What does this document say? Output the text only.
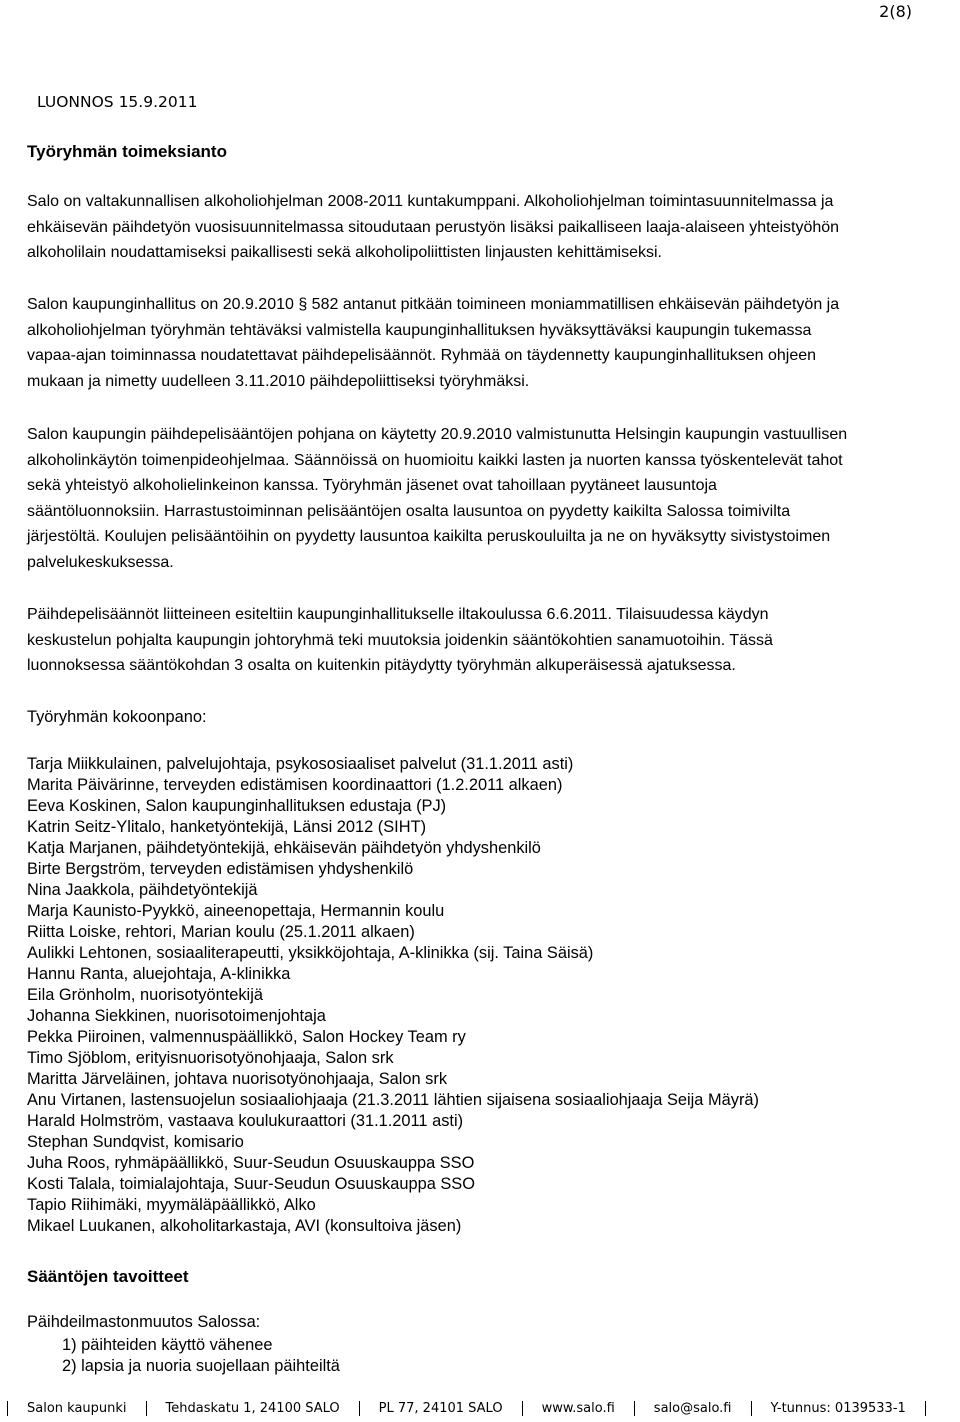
2(8)
LUONNOS 15.9.2011
Työryhmän toimeksianto
Salo on valtakunnallisen alkoholiohjelman 2008-2011 kuntakumppani. Alkoholiohjelman toimintasuunnitelmassa ja
ehkäisevän päihdetyön vuosisuunnitelmassa sitoudutaan perustyön lisäksi paikalliseen laaja-alaiseen yhteistyöhön
alkoholilain noudattamiseksi paikallisesti sekä alkoholipoliittisten linjausten kehittämiseksi.
Salon kaupunginhallitus on 20.9.2010 § 582 antanut pitkään toimineen moniammatillisen ehkäisevän päihdetyön ja
alkoholiohjelman työryhmän tehtäväksi valmistella kaupunginhallituksen hyväksyttäväksi kaupungin tukemassa
vapaa-ajan toiminnassa noudatettavat päihdepelisäännöt. Ryhmää on täydennetty kaupunginhallituksen ohjeen
mukaan ja nimetty uudelleen 3.11.2010 päihdepoliittiseksi työryhmäksi.
Salon kaupungin päihdepelisääntöjen pohjana on käytetty 20.9.2010 valmistunutta Helsingin kaupungin vastuullisen
alkoholinkäytön toimenpideohjelmaa. Säännöissä on huomioitu kaikki lasten ja nuorten kanssa työskentelevät tahot
sekä yhteistyö alkoholielinkeinon kanssa. Työryhmän jäsenet ovat tahoillaan pyytäneet lausuntoja
sääntöluonnoksiin. Harrastustoiminnan pelisääntöjen osalta lausuntoa on pyydetty kaikilta Salossa toimivilta
järjestöltä. Koulujen pelisääntöihin on pyydetty lausuntoa kaikilta peruskouluilta ja ne on hyväksytty sivistystoimen
palvelukeskuksessa.
Päihdepelisäännöt liitteineen esiteltiin kaupunginhallitukselle iltakoulussa 6.6.2011. Tilaisuudessa käydyn
keskustelun pohjalta kaupungin johtoryhmä teki muutoksia joidenkin sääntökohtien sanamuotoihin. Tässä
luonnoksessa sääntökohdan 3 osalta on kuitenkin pitäydytty työryhmän alkuperäisessä ajatuksessa.
Työryhmän kokoonpano:
Tarja Miikkulainen, palvelujohtaja, psykososiaaliset palvelut (31.1.2011 asti)
Marita Päivärinne, terveyden edistämisen koordinaattori (1.2.2011 alkaen)
Eeva Koskinen, Salon kaupunginhallituksen edustaja (PJ)
Katrin Seitz-Ylitalo, hanketyöntekijä, Länsi 2012 (SIHT)
Katja Marjanen, päihdetyöntekijä, ehkäisevän päihdetyön yhdyshenkilö
Birte Bergström, terveyden edistämisen yhdyshenkilö
Nina Jaakkola, päihdetyöntekijä
Marja Kaunisto-Pyykkö, aineenopettaja, Hermannin koulu
Riitta Loiske, rehtori, Marian koulu (25.1.2011 alkaen)
Aulikki Lehtonen, sosiaaliterapeutti, yksikköjohtaja, A-klinikka (sij. Taina Säisä)
Hannu Ranta, aluejohtaja, A-klinikka
Eila Grönholm, nuorisotyöntekijä
Johanna Siekkinen, nuorisotoimenjohtaja
Pekka Piiroinen, valmennuspäällikkö, Salon Hockey Team ry
Timo Sjöblom, erityisnuorisotyönohjaaja, Salon srk
Maritta Järveläinen, johtava nuorisotyönohjaaja, Salon srk
Anu Virtanen, lastensuojelun sosiaaliohjaaja (21.3.2011 lähtien sijaisena sosiaaliohjaaja Seija Mäyrä)
Harald Holmström, vastaava koulukuraattori (31.1.2011 asti)
Stephan Sundqvist, komisario
Juha Roos, ryhmäpäällikkö, Suur-Seudun Osuuskauppa SSO
Kosti Talala, toimialajohtaja, Suur-Seudun Osuuskauppa SSO
Tapio Riihimäki, myymäläpäällikkö, Alko
Mikael Luukanen, alkoholitarkastaja, AVI (konsultoiva jäsen)
Sääntöjen tavoitteet
Päihdeilmastonmuutos Salossa:
1) päihteiden käyttö vähenee
2) lapsia ja nuoria suojellaan päihteiltä
Salon kaupunki	Tehdaskatu 1, 24100 SALO	PL 77, 24101 SALO	www.salo.fi	salo@salo.fi	Y-tunnus: 0139533-1
